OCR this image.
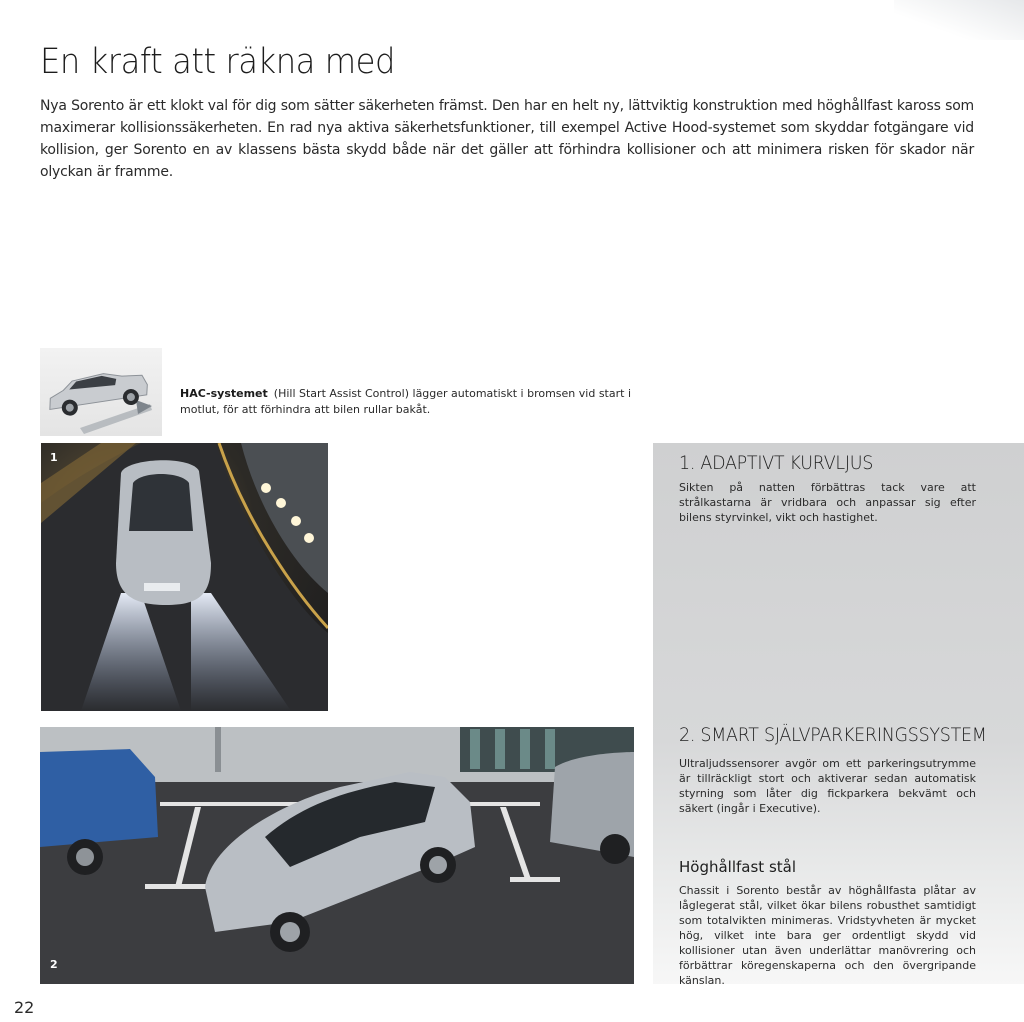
En kraft att räkna med

Nya Sorento är ett klokt val för dig som sätter säkerheten främst. Den har en helt ny, lättviktig konstruktion med höghållfast kaross som maximerar kollisionssäkerheten. En rad nya aktiva säkerhetsfunktioner, till exempel Active Hood-systemet som skyddar fotgängare vid kollision, ger Sorento en av klassens bästa skydd både när det gäller att förhindra kollisioner och att minimera risken för skador när olyckan är framme.

HAC-systemet (Hill Start Assist Control) lägger automatiskt i bromsen vid start i motlut, för att förhindra att bilen rullar bakåt.

1
2
1. ADAPTIVT KURVLJUS

Sikten på natten förbättras tack vare att strålkastarna är vridbara och anpassar sig efter bilens styrvinkel, vikt och hastighet.

2. SMART SJÄLVPARKERINGSSYSTEM

Ultraljudssensorer avgör om ett parkeringsutrymme är tillräckligt stort och aktiverar sedan automatisk styrning som låter dig fickparkera bekvämt och säkert (ingår i Executive).

Höghållfast stål

Chassit i Sorento består av höghållfasta plåtar av låglegerat stål, vilket ökar bilens robusthet samtidigt som totalvikten minimeras. Vridstyvheten är mycket hög, vilket inte bara ger ordentligt skydd vid kollisioner utan även underlättar manövrering och förbättrar köregenskaperna och den övergripande känslan.

22
